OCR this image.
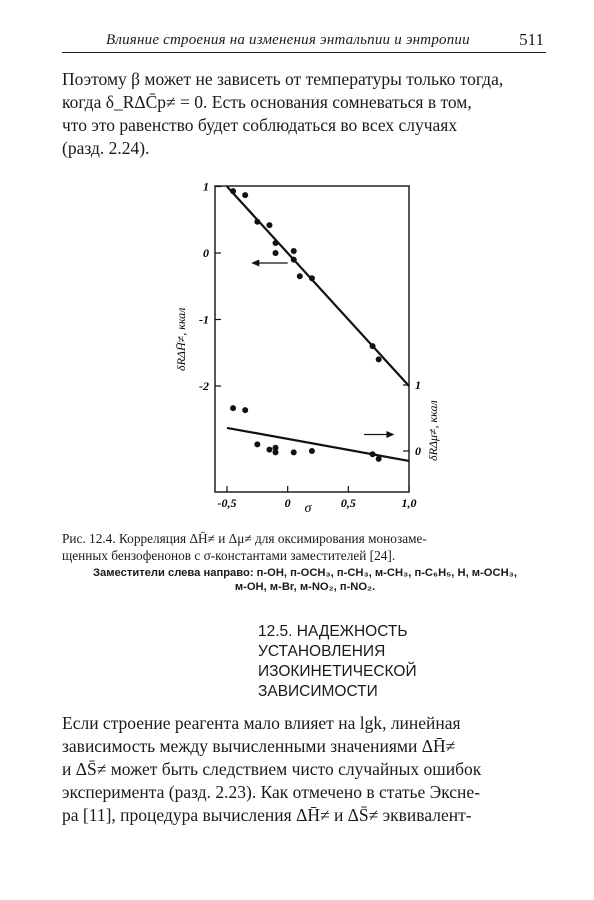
Влияние строения на изменения энтальпии и энтропии	511

Поэтому β может не зависеть от температуры только тогда,

когда δ_RΔC̄p≠ = 0. Есть основания сомневаться в том,

что это равенство будет соблюдаться во всех случаях

(разд. 2.24).

-0,5	0	0,5	1,0
1
0
-1
-2	1
0
δRΔH̄≠, ккал
δRΔμ≠, ккал
σ

Рис. 12.4. Корреляция ΔH̄≠ и Δμ≠ для оксимирования монозаме-

щенных бензофенонов с σ-константами заместителей [24].

Заместители слева направо: п-OH, п-OCH₃, п-CH₃, м-CH₃, п-C₆H₅, H, м-OCH₃,

м-OH, м-Br, м-NO₂, п-NO₂.

12.5. НАДЕЖНОСТЬ

УСТАНОВЛЕНИЯ

ИЗОКИНЕТИЧЕСКОЙ

ЗАВИСИМОСТИ

Если строение реагента мало влияет на lgk, линейная

зависимость между вычисленными значениями ΔH̄≠

и ΔS̄≠ может быть следствием чисто случайных ошибок

эксперимента (разд. 2.23). Как отмечено в статье Экснe-

ра [11], процедура вычисления ΔH̄≠ и ΔS̄≠ эквивалент-
